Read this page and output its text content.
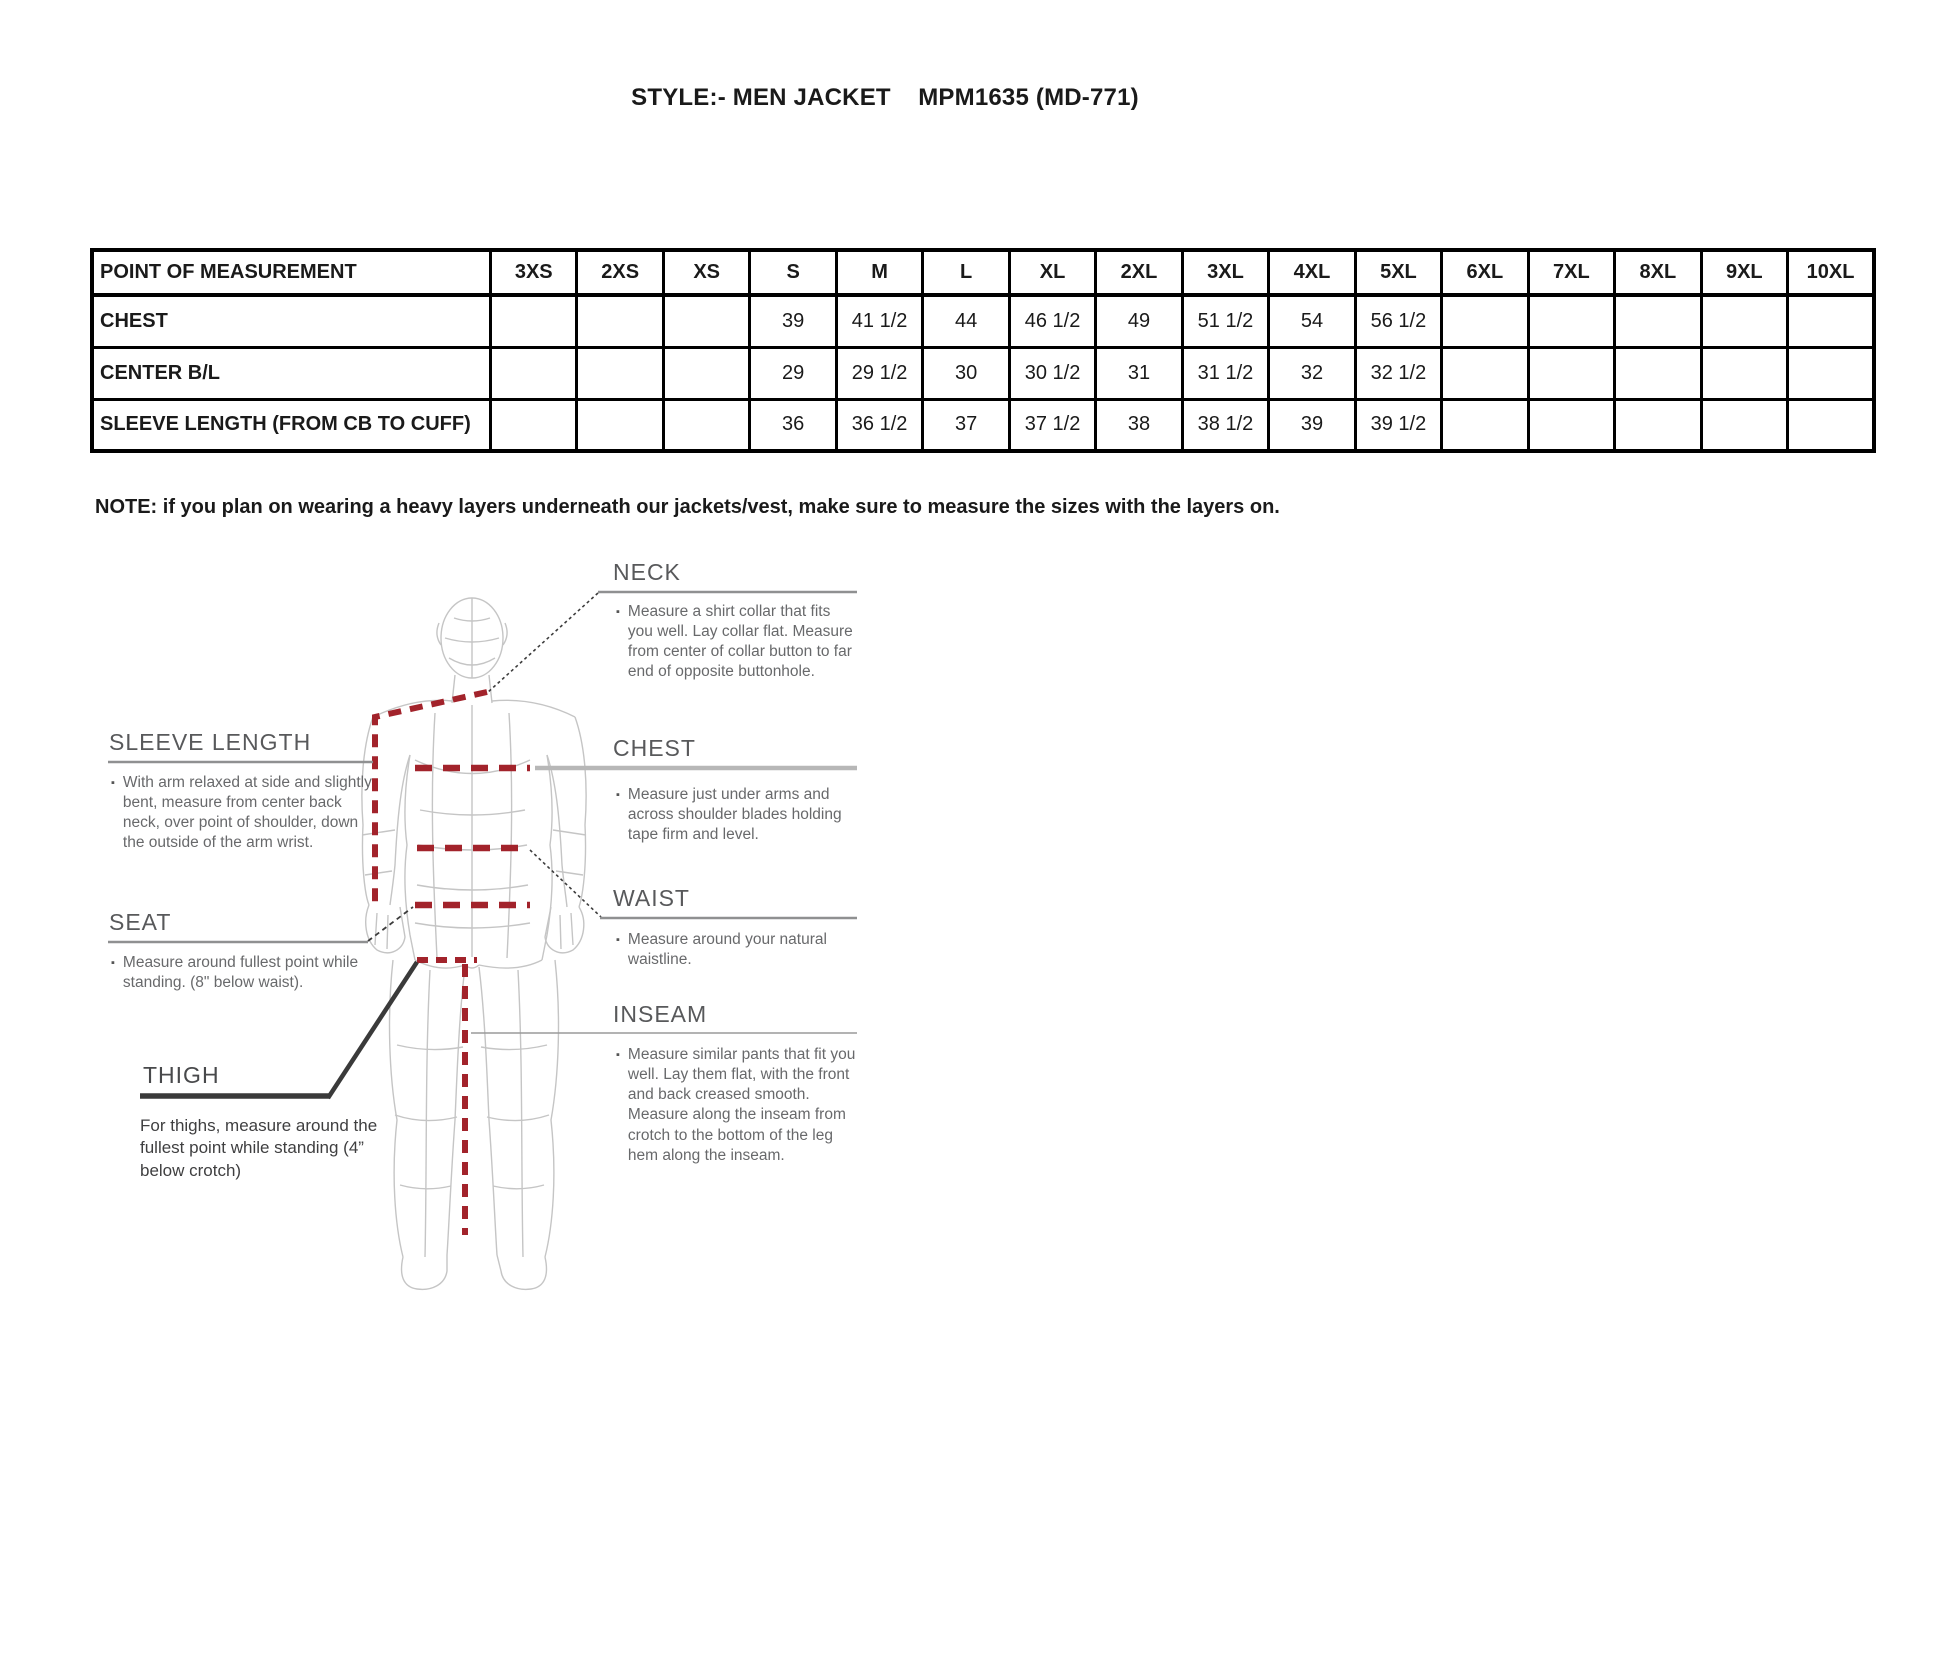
STYLE:- MEN JACKET    MPM1635 (MD-771)
POINT OF MEASUREMENT	3XS	2XS	XS	S	M	L	XL	2XL	3XL	4XL	5XL	6XL	7XL	8XL	9XL	10XL
CHEST				39	41 1/2	44	46 1/2	49	51 1/2	54	56 1/2					
CENTER B/L				29	29 1/2	30	30 1/2	31	31 1/2	32	32 1/2					
SLEEVE LENGTH (FROM CB TO CUFF)				36	36 1/2	37	37 1/2	38	38 1/2	39	39 1/2					
NOTE: if you plan on wearing a heavy layers underneath our jackets/vest, make sure to measure the sizes with the layers on.
NECK
▪ Measure a shirt collar that fits you well. Lay collar flat. Measure from center of collar button to far end of opposite buttonhole.
SLEEVE LENGTH
▪ With arm relaxed at side and slightly bent, measure from center back neck, over point of shoulder, down the outside of the arm wrist.
CHEST
▪ Measure just under arms and across shoulder blades holding tape firm and level.
WAIST
▪ Measure around your natural waistline.
SEAT
▪ Measure around fullest point while standing. (8" below waist).
THIGH
For thighs, measure around the fullest point while standing (4” below crotch)
INSEAM
▪ Measure similar pants that fit you well. Lay them flat, with the front and back creased smooth. Measure along the inseam from crotch to the bottom of the leg hem along the inseam.
